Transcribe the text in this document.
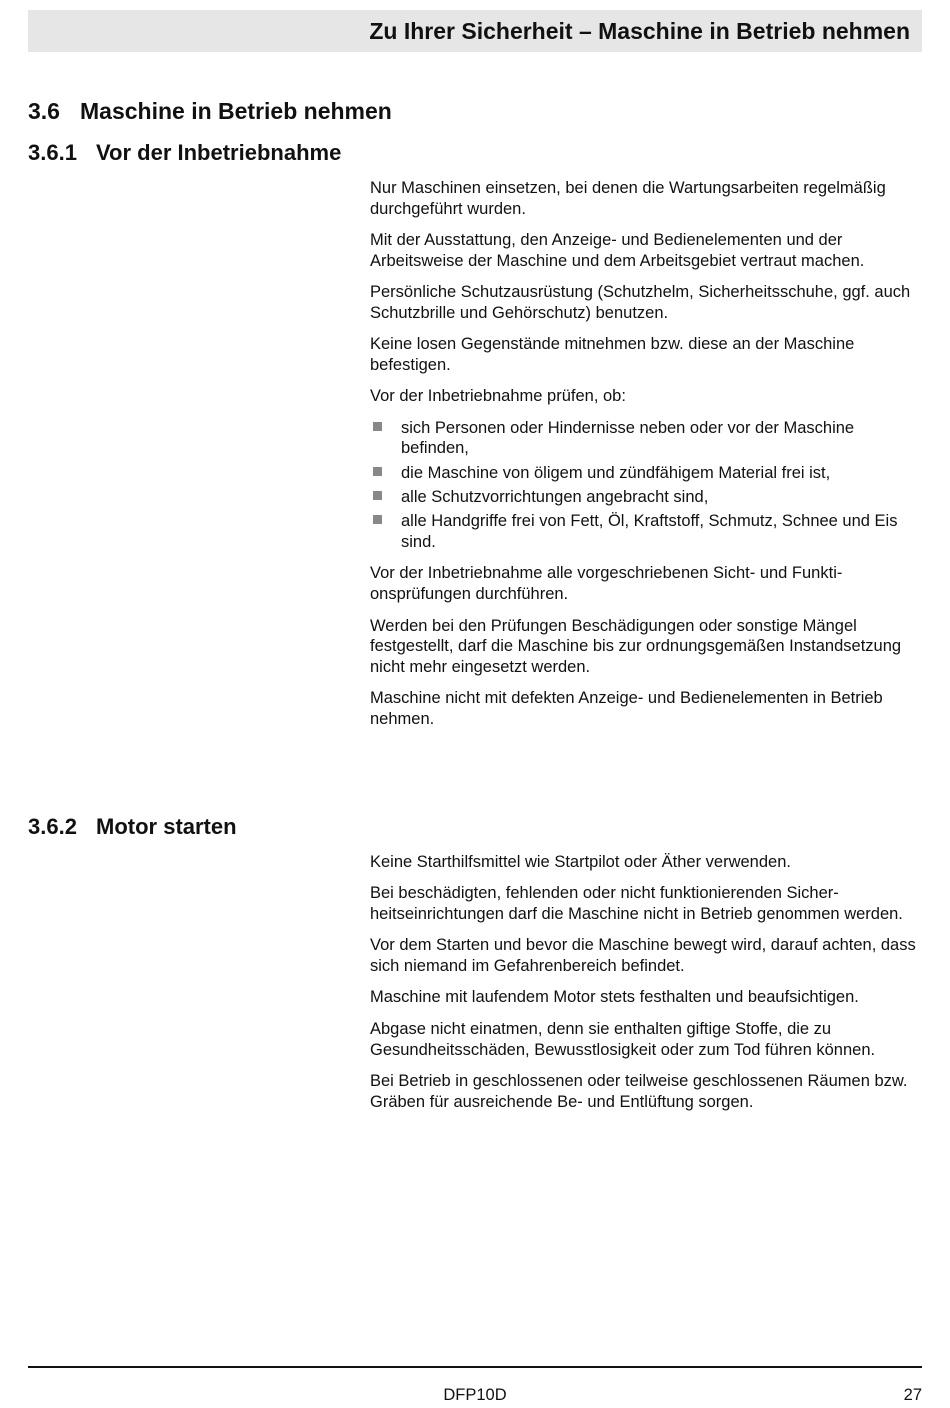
Zu Ihrer Sicherheit – Maschine in Betrieb nehmen
3.6 Maschine in Betrieb nehmen
3.6.1 Vor der Inbetriebnahme

Nur Maschinen einsetzen, bei denen die Wartungsarbeiten regelmäßig durchgeführt wurden.

Mit der Ausstattung, den Anzeige- und Bedienelementen und der Arbeitsweise der Maschine und dem Arbeitsgebiet vertraut machen.

Persönliche Schutzausrüstung (Schutzhelm, Sicherheitsschuhe, ggf. auch Schutzbrille und Gehörschutz) benutzen.

Keine losen Gegenstände mitnehmen bzw. diese an der Maschine befestigen.

Vor der Inbetriebnahme prüfen, ob:

sich Personen oder Hindernisse neben oder vor der Maschine befinden,
die Maschine von öligem und zündfähigem Material frei ist,
alle Schutzvorrichtungen angebracht sind,
alle Handgriffe frei von Fett, Öl, Kraftstoff, Schmutz, Schnee und Eis sind.

Vor der Inbetriebnahme alle vorgeschriebenen Sicht- und Funktionsprüfungen durchführen.

Werden bei den Prüfungen Beschädigungen oder sonstige Mängel festgestellt, darf die Maschine bis zur ordnungsgemäßen Instandsetzung nicht mehr eingesetzt werden.

Maschine nicht mit defekten Anzeige- und Bedienelementen in Betrieb nehmen.

3.6.2 Motor starten

Keine Starthilfsmittel wie Startpilot oder Äther verwenden.

Bei beschädigten, fehlenden oder nicht funktionierenden Sicherheitseinrichtungen darf die Maschine nicht in Betrieb genommen werden.

Vor dem Starten und bevor die Maschine bewegt wird, darauf achten, dass sich niemand im Gefahrenbereich befindet.

Maschine mit laufendem Motor stets festhalten und beaufsichtigen.

Abgase nicht einatmen, denn sie enthalten giftige Stoffe, die zu Gesundheitsschäden, Bewusstlosigkeit oder zum Tod führen können.

Bei Betrieb in geschlossenen oder teilweise geschlossenen Räumen bzw. Gräben für ausreichende Be- und Entlüftung sorgen.

DFP10D	27
